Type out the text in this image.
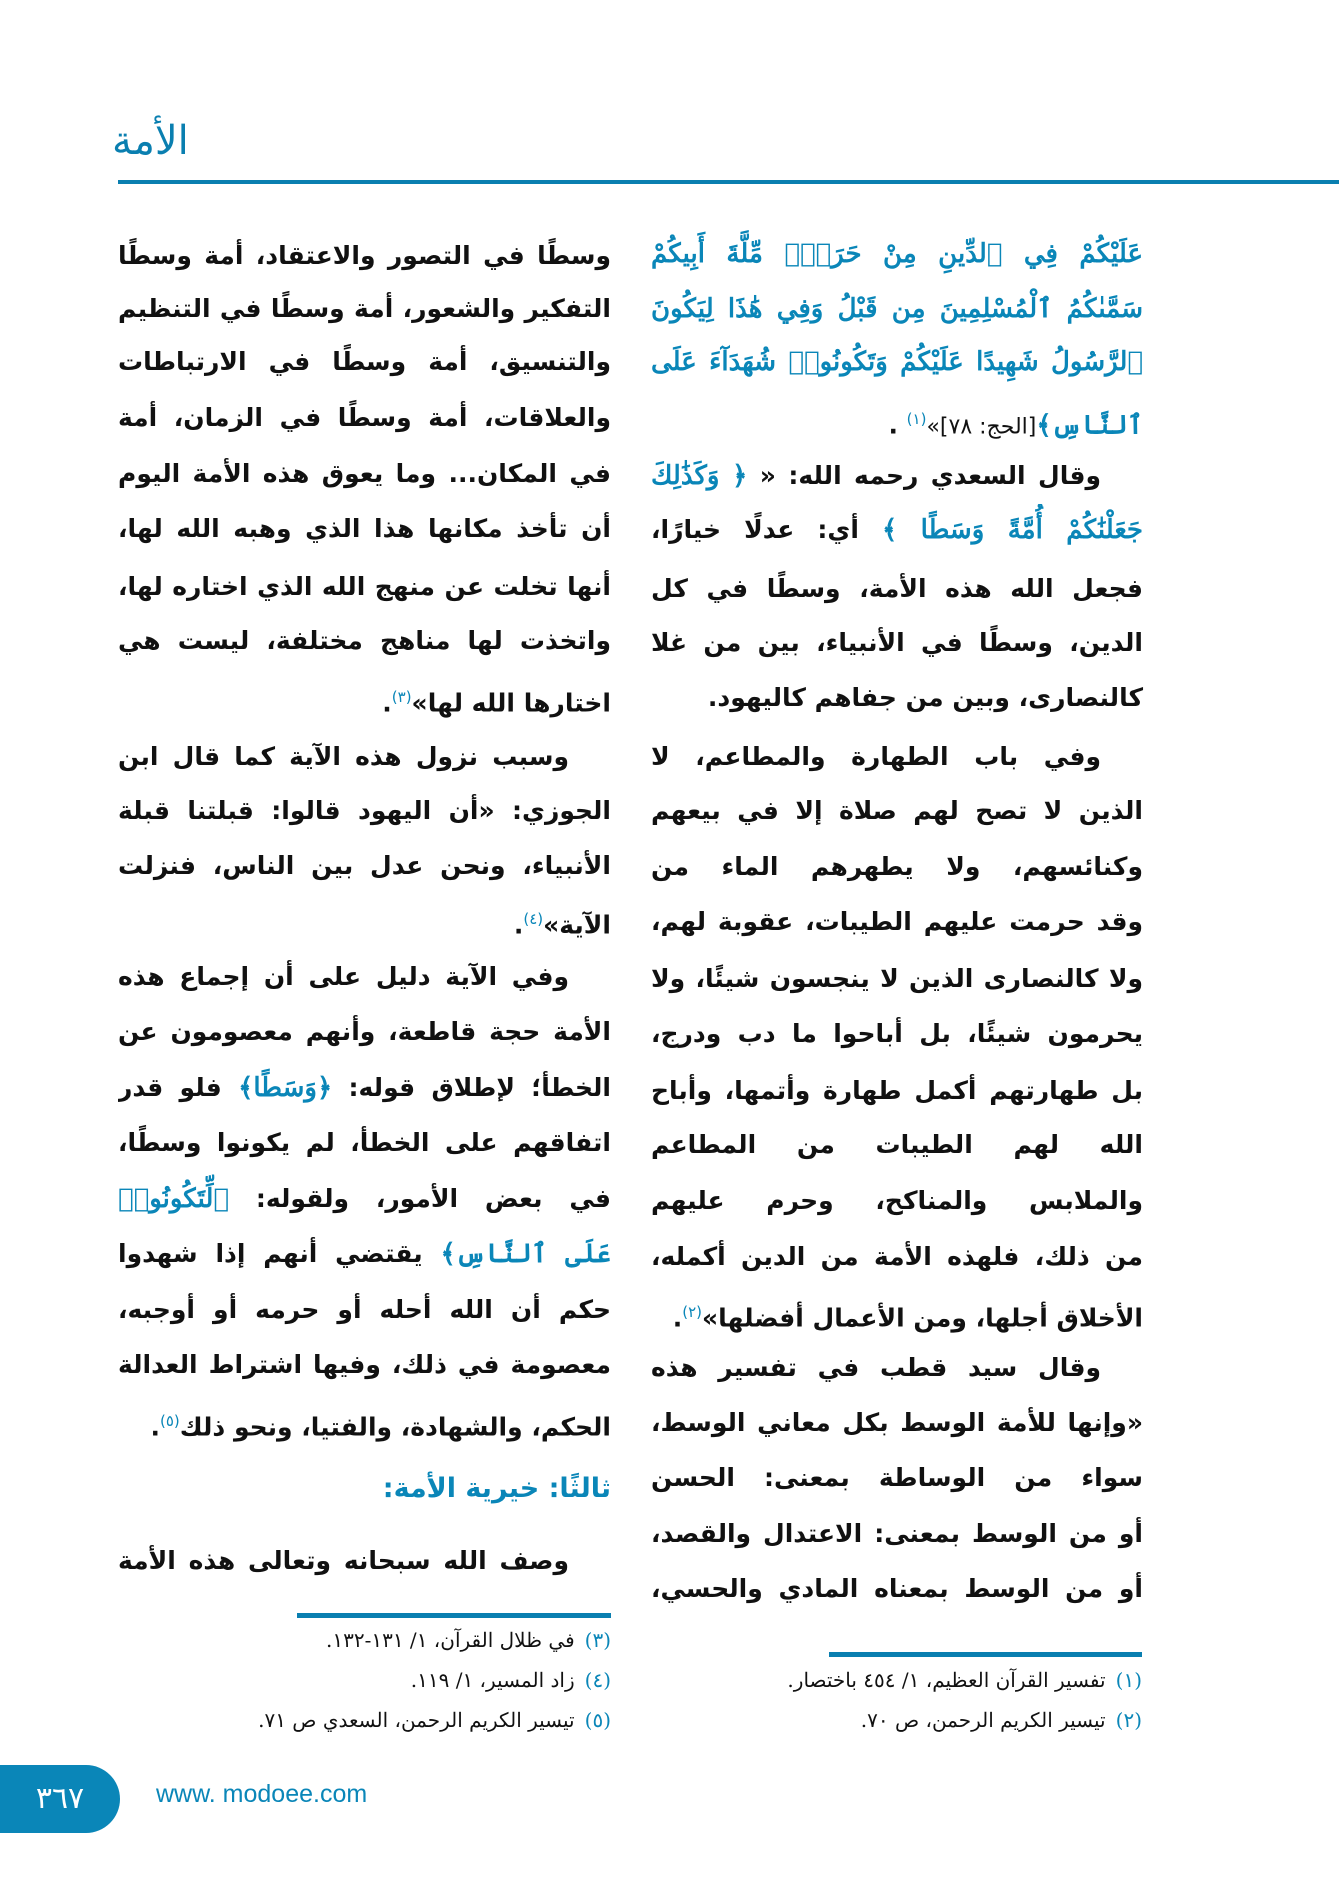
الأمة
عَلَيْكُمْ فِي ٱلدِّينِ مِنْ حَرَجٍۚ مِّلَّةَ أَبِيكُمْ
سَمَّىٰكُمُ ٱلْمُسْلِمِينَ مِن قَبْلُ وَفِي هَٰذَا لِيَكُونَ
ٱلرَّسُولُ شَهِيدًا عَلَيْكُمْ وَتَكُونُوا۟ شُهَدَآءَ عَلَى
ٱلنَّاسِ﴾[الحج: ٧٨]»$^{(١)}$ .
وقال السعدي رحمه الله: « ﴿ وَكَذَٰلِكَ
جَعَلْنَٰكُمْ أُمَّةً وَسَطًا ﴾ أي: عدلًا خيارًا،
فجعل الله هذه الأمة، وسطًا في كل
الدين، وسطًا في الأنبياء، بين من غلا
كالنصارى، وبين من جفاهم كاليهود.
وفي باب الطهارة والمطاعم، لا
الذين لا تصح لهم صلاة إلا في بيعهم
وكنائسهم، ولا يطهرهم الماء من
وقد حرمت عليهم الطيبات، عقوبة لهم،
ولا كالنصارى الذين لا ينجسون شيئًا، ولا
يحرمون شيئًا، بل أباحوا ما دب ودرج،
بل طهارتهم أكمل طهارة وأتمها، وأباح
الله لهم الطيبات من المطاعم
والملابس والمناكح، وحرم عليهم
من ذلك، فلهذه الأمة من الدين أكمله،
الأخلاق أجلها، ومن الأعمال أفضلها»$^{(٢)}$.
وقال سيد قطب في تفسير هذه
«وإنها للأمة الوسط بكل معاني الوسط،
سواء من الوساطة بمعنى: الحسن
أو من الوسط بمعنى: الاعتدال والقصد،
أو من الوسط بمعناه المادي والحسي،
وسطًا في التصور والاعتقاد، أمة وسطًا
التفكير والشعور، أمة وسطًا في التنظيم
والتنسيق، أمة وسطًا في الارتباطات
والعلاقات، أمة وسطًا في الزمان، أمة
في المكان... وما يعوق هذه الأمة اليوم
أن تأخذ مكانها هذا الذي وهبه الله لها،
أنها تخلت عن منهج الله الذي اختاره لها،
واتخذت لها مناهج مختلفة، ليست هي
اختارها الله لها»$^{(٣)}$.
وسبب نزول هذه الآية كما قال ابن
الجوزي: «أن اليهود قالوا: قبلتنا قبلة
الأنبياء، ونحن عدل بين الناس، فنزلت
الآية»$^{(٤)}$.
وفي الآية دليل على أن إجماع هذه
الأمة حجة قاطعة، وأنهم معصومون عن
الخطأ؛ لإطلاق قوله: ﴿وَسَطًا﴾ فلو قدر
اتفاقهم على الخطأ، لم يكونوا وسطًا،
في بعض الأمور، ولقوله: ﴿لِّتَكُونُوا۟
عَلَى ٱلنَّاسِ﴾ يقتضي أنهم إذا شهدوا
حكم أن الله أحله أو حرمه أو أوجبه،
معصومة في ذلك، وفيها اشتراط العدالة
الحكم، والشهادة، والفتيا، ونحو ذلك$^{(٥)}$.
ثالثًا: خيرية الأمة:
وصف الله سبحانه وتعالى هذه الأمة
(١)تفسير القرآن العظيم، ١/ ٤٥٤ باختصار.
(٢)تيسير الكريم الرحمن، ص ٧٠.
(٣)في ظلال القرآن، ١/ ١٣١-١٣٢.
(٤)زاد المسير، ١/ ١١٩.
(٥)تيسير الكريم الرحمن، السعدي ص ٧١.
٣٦٧	www. modoee.com
